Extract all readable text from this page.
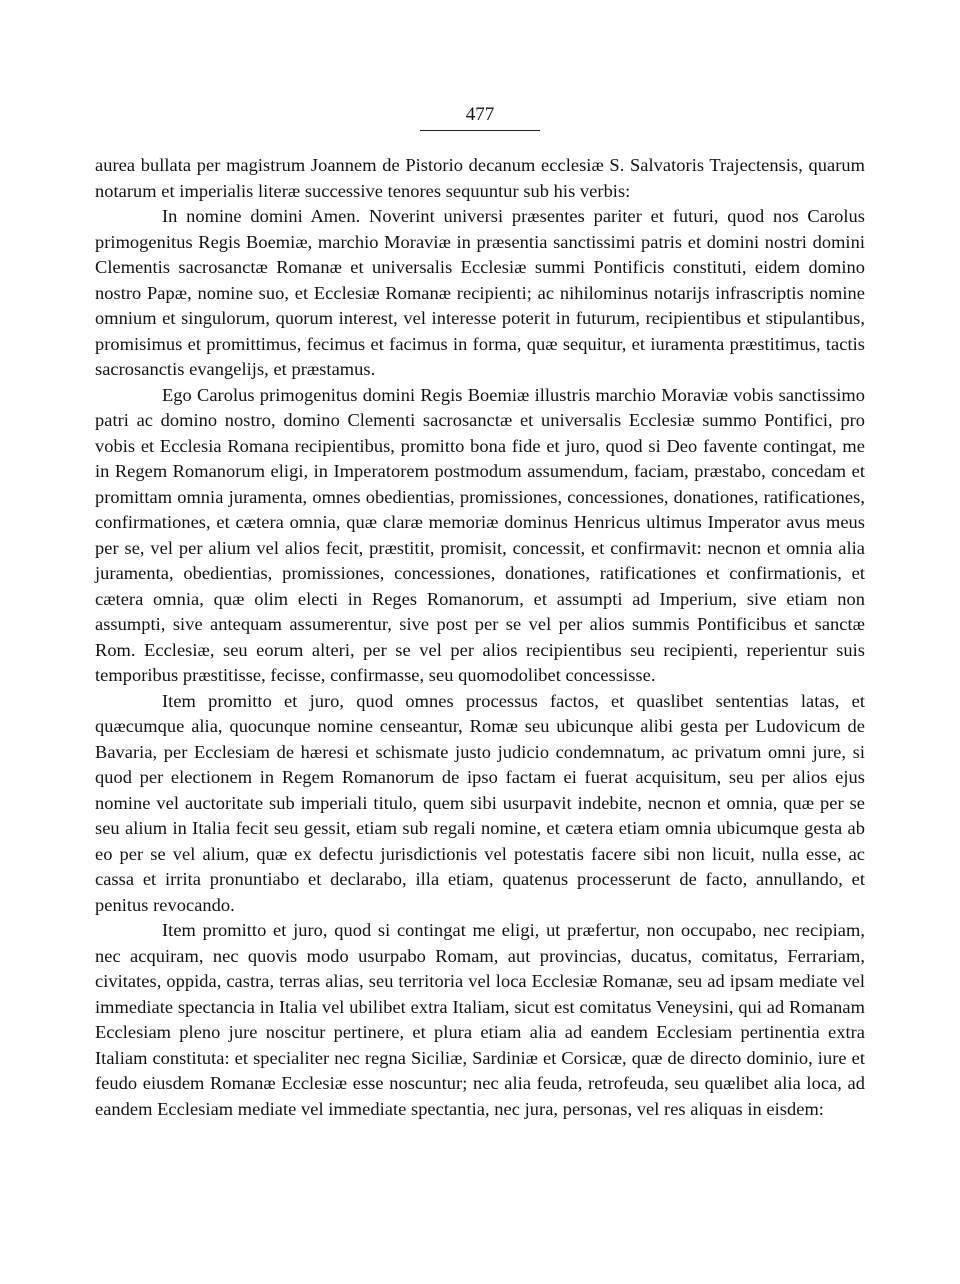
477

aurea bullata per magistrum Joannem de Pistorio decanum ecclesiæ S. Salvatoris Trajectensis, quarum notarum et imperialis literæ successive tenores sequuntur sub his verbis:

In nomine domini Amen. Noverint universi præsentes pariter et futuri, quod nos Carolus primogenitus Regis Boemiæ, marchio Moraviæ in præsentia sanctissimi patris et domini nostri domini Clementis sacrosanctæ Romanæ et universalis Ecclesiæ summi Pontificis constituti, eidem domino nostro Papæ, nomine suo, et Ecclesiæ Romanæ recipienti; ac nihilominus notarijs infrascriptis nomine omnium et singulorum, quorum interest, vel interesse poterit in futurum, recipientibus et stipulantibus, promisimus et promittimus, fecimus et facimus in forma, quæ sequitur, et iuramenta præstitimus, tactis sacrosanctis evangelijs, et præstamus.

Ego Carolus primogenitus domini Regis Boemiæ illustris marchio Moraviæ vobis sanctissimo patri ac domino nostro, domino Clementi sacrosanctæ et universalis Ecclesiæ summo Pontifici, pro vobis et Ecclesia Romana recipientibus, promitto bona fide et juro, quod si Deo favente contingat, me in Regem Romanorum eligi, in Imperatorem postmodum assumendum, faciam, præstabo, concedam et promittam omnia juramenta, omnes obedientias, promissiones, concessiones, donationes, ratificationes, confirmationes, et cætera omnia, quæ claræ memoriæ dominus Henricus ultimus Imperator avus meus per se, vel per alium vel alios fecit, præstitit, promisit, concessit, et confirmavit: necnon et omnia alia juramenta, obedientias, promissiones, concessiones, donationes, ratificationes et confirmationis, et cætera omnia, quæ olim electi in Reges Romanorum, et assumpti ad Imperium, sive etiam non assumpti, sive antequam assumerentur, sive post per se vel per alios summis Pontificibus et sanctæ Rom. Ecclesiæ, seu eorum alteri, per se vel per alios recipientibus seu recipienti, reperientur suis temporibus præstitisse, fecisse, confirmasse, seu quomodolibet concessisse.

Item promitto et juro, quod omnes processus factos, et quaslibet sententias latas, et quæcumque alia, quocunque nomine censeantur, Romæ seu ubicunque alibi gesta per Ludovicum de Bavaria, per Ecclesiam de hæresi et schismate justo judicio condemnatum, ac privatum omni jure, si quod per electionem in Regem Romanorum de ipso factam ei fuerat acquisitum, seu per alios ejus nomine vel auctoritate sub imperiali titulo, quem sibi usurpavit indebite, necnon et omnia, quæ per se seu alium in Italia fecit seu gessit, etiam sub regali nomine, et cætera etiam omnia ubicumque gesta ab eo per se vel alium, quæ ex defectu jurisdictionis vel potestatis facere sibi non licuit, nulla esse, ac cassa et irrita pronuntiabo et declarabo, illa etiam, quatenus processerunt de facto, annullando, et penitus revocando.

Item promitto et juro, quod si contingat me eligi, ut præfertur, non occupabo, nec recipiam, nec acquiram, nec quovis modo usurpabo Romam, aut provincias, ducatus, comitatus, Ferrariam, civitates, oppida, castra, terras alias, seu territoria vel loca Ecclesiæ Romanæ, seu ad ipsam mediate vel immediate spectancia in Italia vel ubilibet extra Italiam, sicut est comitatus Veneysini, qui ad Romanam Ecclesiam pleno jure noscitur pertinere, et plura etiam alia ad eandem Ecclesiam pertinentia extra Italiam constituta: et specialiter nec regna Siciliæ, Sardiniæ et Corsicæ, quæ de directo dominio, iure et feudo eiusdem Romanæ Ecclesiæ esse noscuntur; nec alia feuda, retrofeuda, seu quælibet alia loca, ad eandem Ecclesiam mediate vel immediate spectantia, nec jura, personas, vel res aliquas in eisdem:
